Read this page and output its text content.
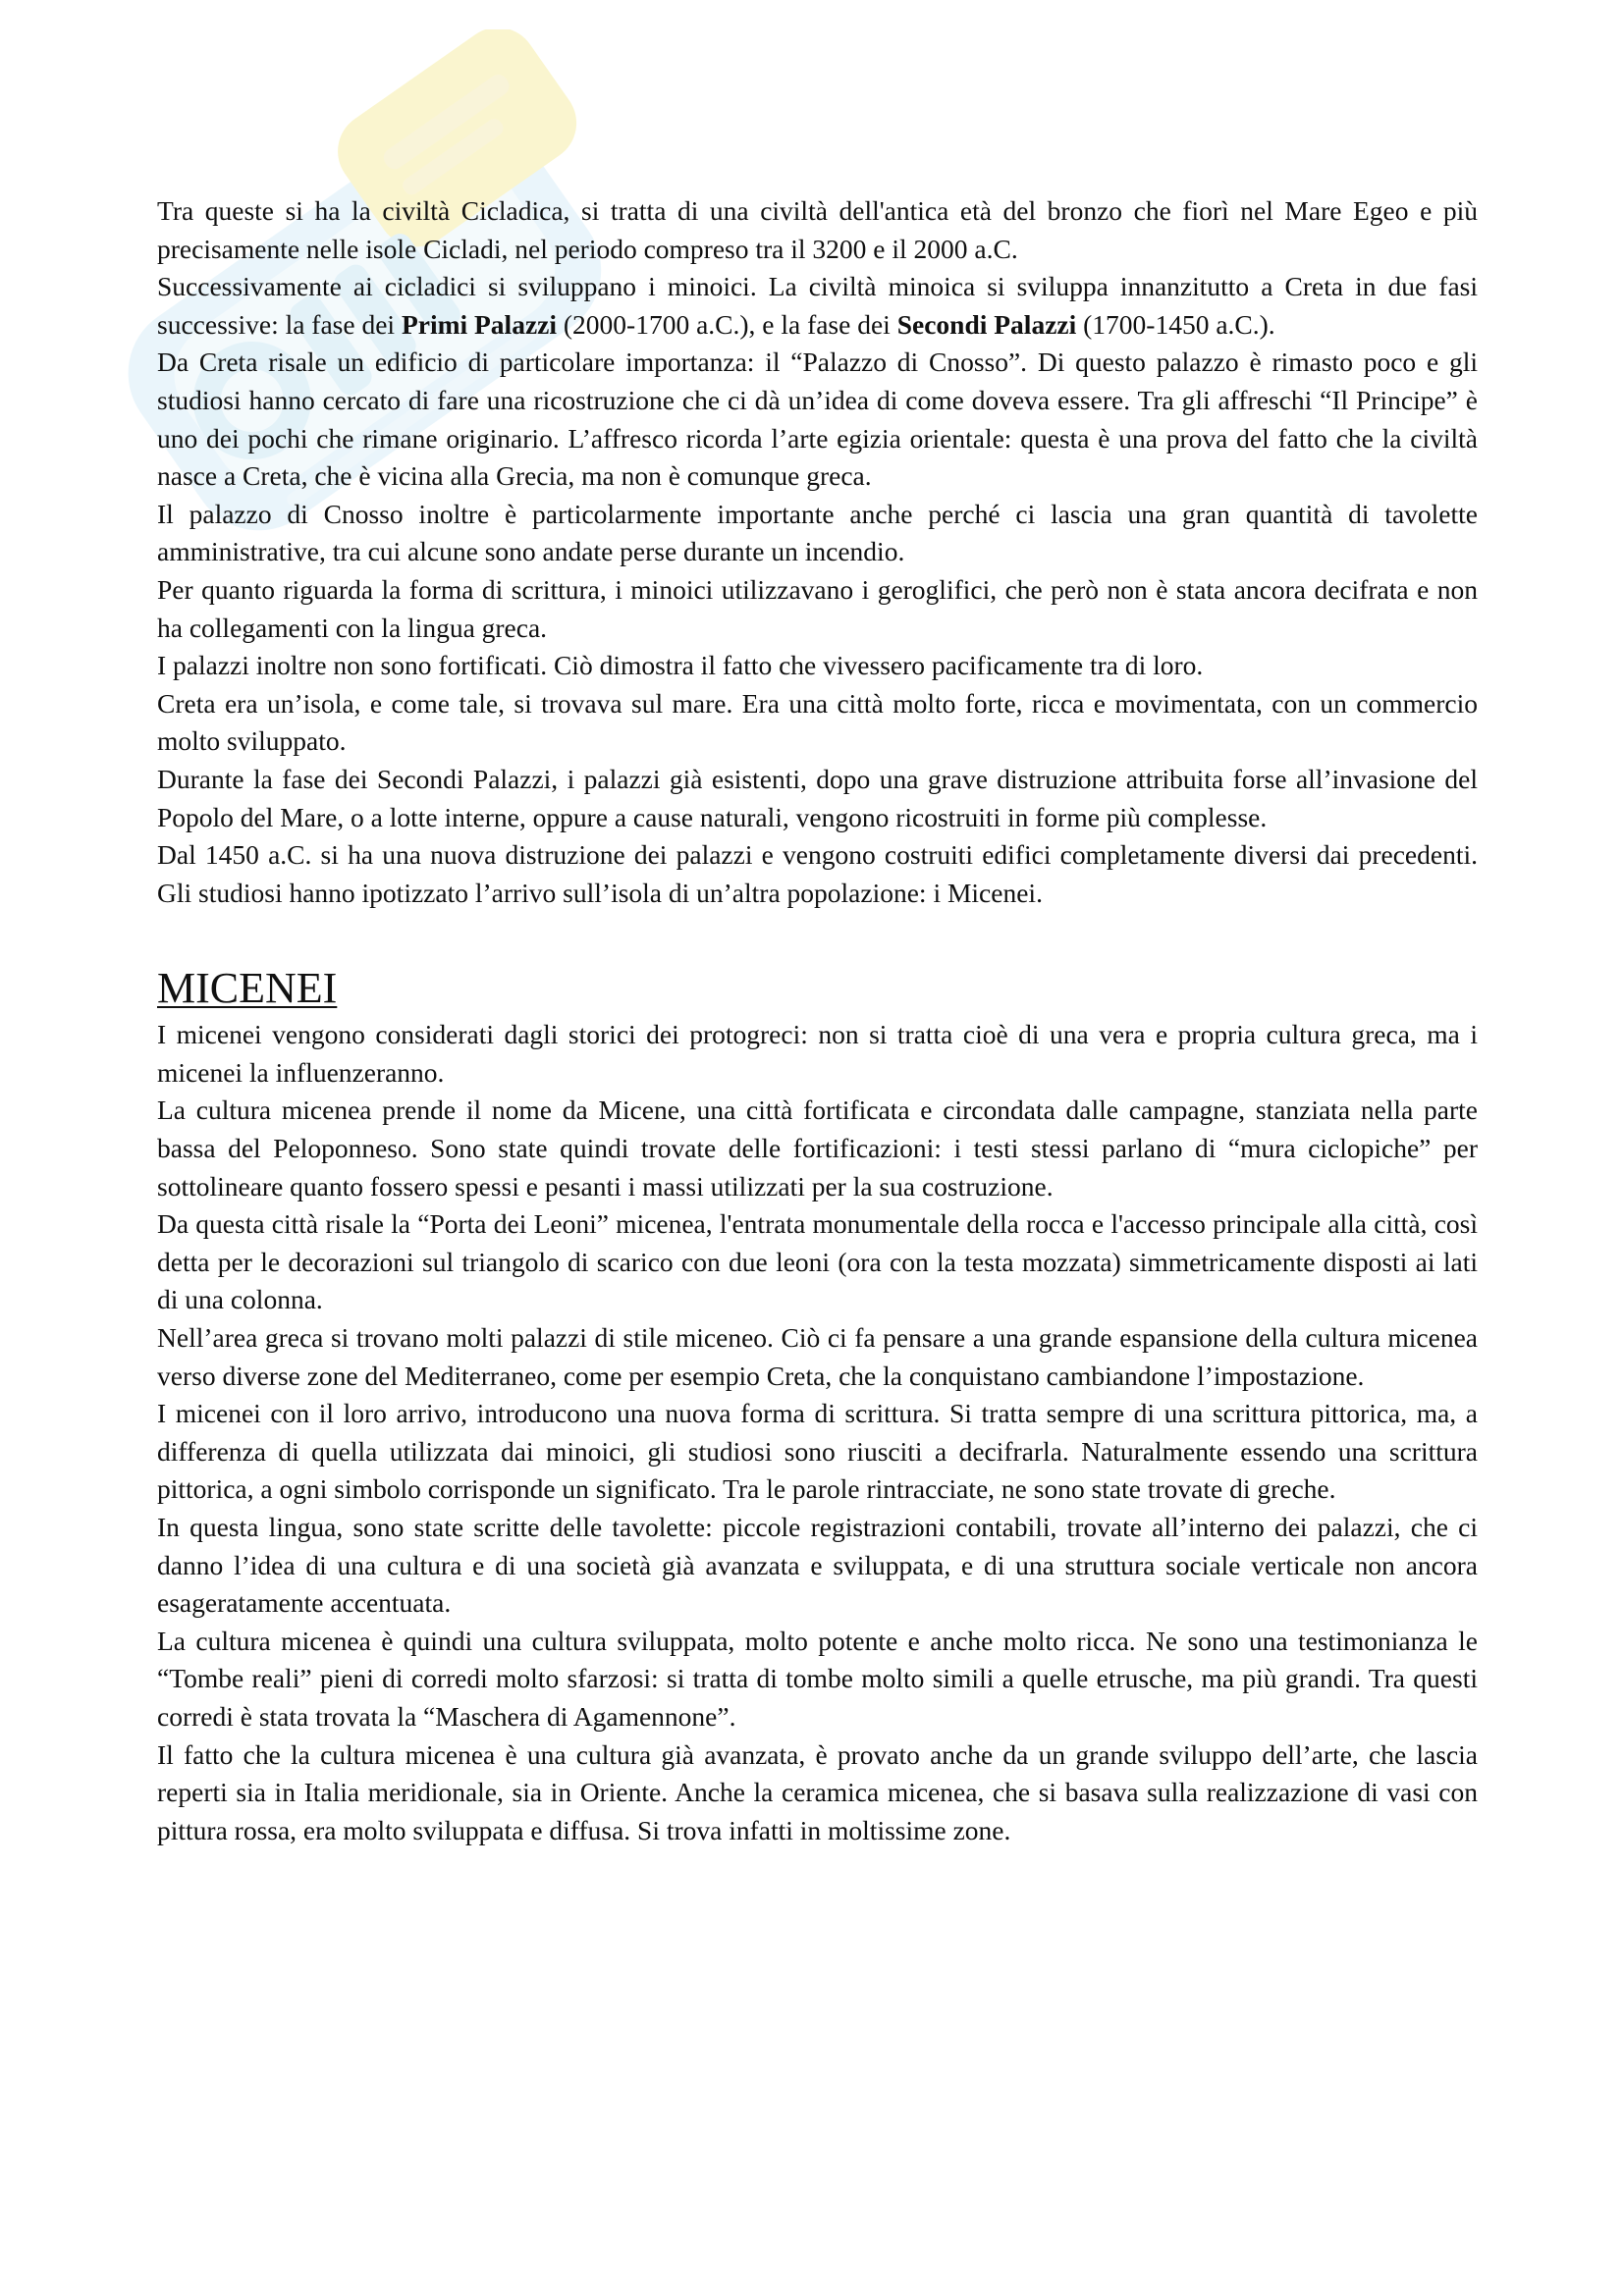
Tra queste si ha la civiltà Cicladica, si tratta di una civiltà dell'antica età del bronzo che fiorì nel Mare Egeo e più precisamente nelle isole Cicladi, nel periodo compreso tra il 3200 e il 2000 a.C.

Successivamente ai cicladici si sviluppano i minoici. La civiltà minoica si sviluppa innanzitutto a Creta in due fasi successive: la fase dei Primi Palazzi (2000-1700 a.C.), e la fase dei Secondi Palazzi (1700-1450 a.C.).

Da Creta risale un edificio di particolare importanza: il “Palazzo di Cnosso”. Di questo palazzo è rimasto poco e gli studiosi hanno cercato di fare una ricostruzione che ci dà un’idea di come doveva essere. Tra gli affreschi “Il Principe” è uno dei pochi che rimane originario. L’affresco ricorda l’arte egizia orientale: questa è una prova del fatto che la civiltà nasce a Creta, che è vicina alla Grecia, ma non è comunque greca.

Il palazzo di Cnosso inoltre è particolarmente importante anche perché ci lascia una gran quantità di tavolette amministrative, tra cui alcune sono andate perse durante un incendio.

Per quanto riguarda la forma di scrittura, i minoici utilizzavano i geroglifici, che però non è stata ancora decifrata e non ha collegamenti con la lingua greca.

I palazzi inoltre non sono fortificati. Ciò dimostra il fatto che vivessero pacificamente tra di loro.

Creta era un’isola, e come tale, si trovava sul mare. Era una città molto forte, ricca e movimentata, con un commercio molto sviluppato.

Durante la fase dei Secondi Palazzi, i palazzi già esistenti, dopo una grave distruzione attribuita forse all’invasione del Popolo del Mare, o a lotte interne, oppure a cause naturali, vengono ricostruiti in forme più complesse.

Dal 1450 a.C. si ha una nuova distruzione dei palazzi e vengono costruiti edifici completamente diversi dai precedenti. Gli studiosi hanno ipotizzato l’arrivo sull’isola di un’altra popolazione: i Micenei.

MICENEI

I micenei vengono considerati dagli storici dei protogreci: non si tratta cioè di una vera e propria cultura greca, ma i micenei la influenzeranno.

La cultura micenea prende il nome da Micene, una città fortificata e circondata dalle campagne, stanziata nella parte bassa del Peloponneso. Sono state quindi trovate delle fortificazioni: i testi stessi parlano di “mura ciclopiche” per sottolineare quanto fossero spessi e pesanti i massi utilizzati per la sua costruzione.

Da questa città risale la “Porta dei Leoni” micenea, l'entrata monumentale della rocca e l'accesso principale alla città, così detta per le decorazioni sul triangolo di scarico con due leoni (ora con la testa mozzata) simmetricamente disposti ai lati di una colonna.

Nell’area greca si trovano molti palazzi di stile miceneo. Ciò ci fa pensare a una grande espansione della cultura micenea verso diverse zone del Mediterraneo, come per esempio Creta, che la conquistano cambiandone l’impostazione.

I micenei con il loro arrivo, introducono una nuova forma di scrittura. Si tratta sempre di una scrittura pittorica, ma, a differenza di quella utilizzata dai minoici, gli studiosi sono riusciti a decifrarla. Naturalmente essendo una scrittura pittorica, a ogni simbolo corrisponde un significato. Tra le parole rintracciate, ne sono state trovate di greche.

In questa lingua, sono state scritte delle tavolette: piccole registrazioni contabili, trovate all’interno dei palazzi, che ci danno l’idea di una cultura e di una società già avanzata e sviluppata, e di una struttura sociale verticale non ancora esageratamente accentuata.

La cultura micenea è quindi una cultura sviluppata, molto potente e anche molto ricca. Ne sono una testimonianza le “Tombe reali” pieni di corredi molto sfarzosi: si tratta di tombe molto simili a quelle etrusche, ma più grandi. Tra questi corredi è stata trovata la “Maschera di Agamennone”.

Il fatto che la cultura micenea è una cultura già avanzata, è provato anche da un grande sviluppo dell’arte, che lascia reperti sia in Italia meridionale, sia in Oriente. Anche la ceramica micenea, che si basava sulla realizzazione di vasi con pittura rossa, era molto sviluppata e diffusa. Si trova infatti in moltissime zone.
